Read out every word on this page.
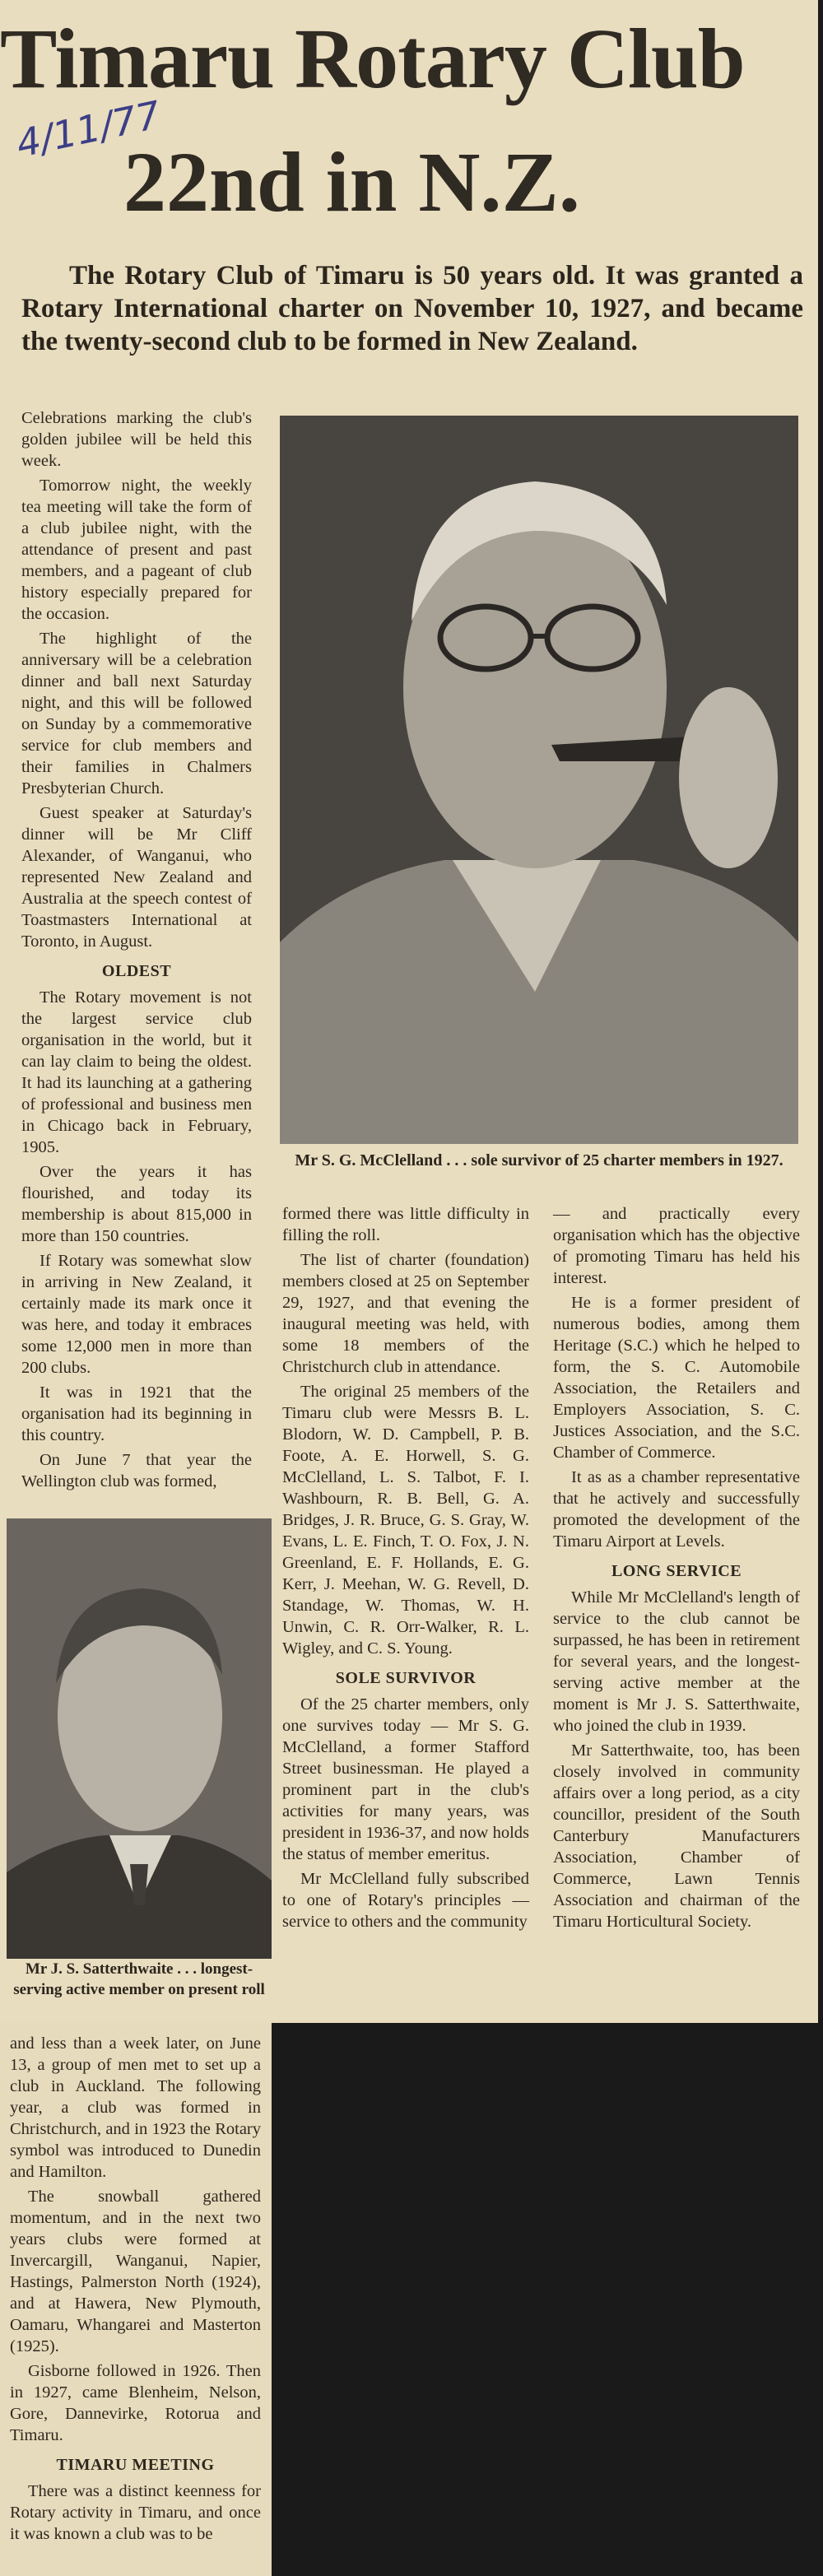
Timaru Rotary Club
22nd in N.Z.
4/11/77
The Rotary Club of Timaru is 50 years old. It was granted a Rotary International charter on November 10, 1927, and became the twenty-second club to be formed in New Zealand.

Celebrations marking the club's golden jubilee will be held this week.

Tomorrow night, the weekly tea meeting will take the form of a club jubilee night, with the attendance of present and past members, and a pageant of club history especially prepared for the occasion.

The highlight of the anniversary will be a celebration dinner and ball next Saturday night, and this will be followed on Sunday by a commemorative service for club members and their families in Chalmers Presbyterian Church.

Guest speaker at Saturday's dinner will be Mr Cliff Alexander, of Wanganui, who represented New Zealand and Australia at the speech contest of Toastmasters International at Toronto, in August.

OLDEST

The Rotary movement is not the largest service club organisation in the world, but it can lay claim to being the oldest. It had its launching at a gathering of professional and business men in Chicago back in February, 1905.

Over the years it has flourished, and today its membership is about 815,000 in more than 150 countries.

If Rotary was somewhat slow in arriving in New Zealand, it certainly made its mark once it was here, and today it embraces some 12,000 men in more than 200 clubs.

It was in 1921 that the organisation had its beginning in this country.

On June 7 that year the Wellington club was formed,

Mr S. G. McClelland . . . sole survivor of 25 charter members in 1927.

formed there was little difficulty in filling the roll.

The list of charter (foundation) members closed at 25 on September 29, 1927, and that evening the inaugural meeting was held, with some 18 members of the Christchurch club in attendance.

The original 25 members of the Timaru club were Messrs B. L. Blodorn, W. D. Campbell, P. B. Foote, A. E. Horwell, S. G. McClelland, L. S. Talbot, F. I. Washbourn, R. B. Bell, G. A. Bridges, J. R. Bruce, G. S. Gray, W. Evans, L. E. Finch, T. O. Fox, J. N. Greenland, E. F. Hollands, E. G. Kerr, J. Meehan, W. G. Revell, D. Standage, W. Thomas, W. H. Unwin, C. R. Orr-Walker, R. L. Wigley, and C. S. Young.

SOLE SURVIVOR

Of the 25 charter members, only one survives today — Mr S. G. McClelland, a former Stafford Street businessman. He played a prominent part in the club's activities for many years, was president in 1936-37, and now holds the status of member emeritus.

Mr McClelland fully subscribed to one of Rotary's principles — service to others and the community

— and practically every organisation which has the objective of promoting Timaru has held his interest.

He is a former president of numerous bodies, among them Heritage (S.C.) which he helped to form, the S. C. Automobile Association, the Retailers and Employers Association, S. C. Justices Association, and the S.C. Chamber of Commerce.

It as as a chamber representative that he actively and successfully promoted the development of the Timaru Airport at Levels.

LONG SERVICE

While Mr McClelland's length of service to the club cannot be surpassed, he has been in retirement for several years, and the longest-serving active member at the moment is Mr J. S. Satterthwaite, who joined the club in 1939.

Mr Satterthwaite, too, has been closely involved in community affairs over a long period, as a city councillor, president of the South Canterbury Manufacturers Association, Chamber of Commerce, Lawn Tennis Association and chairman of the Timaru Horticultural Society.

Mr J. S. Satterthwaite . . . longest-serving active member on present roll

and less than a week later, on June 13, a group of men met to set up a club in Auckland. The following year, a club was formed in Christchurch, and in 1923 the Rotary symbol was introduced to Dunedin and Hamilton.

The snowball gathered momentum, and in the next two years clubs were formed at Invercargill, Wanganui, Napier, Hastings, Palmerston North (1924), and at Hawera, New Plymouth, Oamaru, Whangarei and Masterton (1925).

Gisborne followed in 1926. Then in 1927, came Blenheim, Nelson, Gore, Dannevirke, Rotorua and Timaru.

TIMARU MEETING

There was a distinct keenness for Rotary activity in Timaru, and once it was known a club was to be
